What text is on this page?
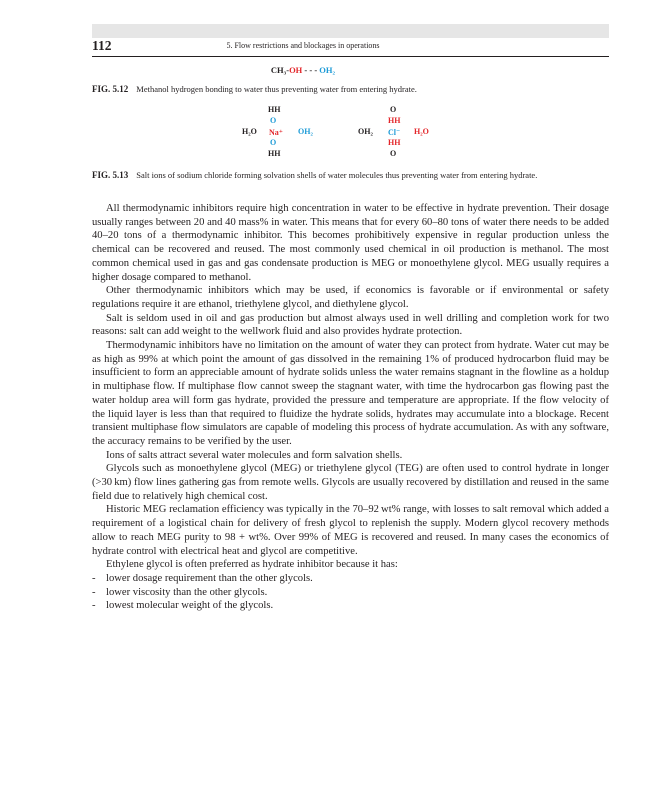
112	5. Flow restrictions and blockages in operations
CH₃-OH - - - OH₂
FIG. 5.12 Methanol hydrogen bonding to water thus preventing water from entering hydrate.
HH
O
H₂O Na⁺ OH₂
O
HH
O
HH
OH₂ Cl⁻ H₂O
HH
O
FIG. 5.13 Salt ions of sodium chloride forming solvation shells of water molecules thus preventing water from entering hydrate.

All thermodynamic inhibitors require high concentration in water to be effective in hydrate prevention. Their dosage usually ranges between 20 and 40 mass% in water. This means that for every 60–80 tons of water there needs to be added 40–20 tons of a thermodynamic inhibitor. This becomes prohibitively expensive in regular production unless the chemical can be recovered and reused. The most commonly used chemical in oil production is methanol. The most common chemical used in gas and gas condensate production is MEG or monoethylene glycol. MEG usually requires a higher dosage compared to methanol.

Other thermodynamic inhibitors which may be used, if economics is favorable or if environmental or safety regulations require it are ethanol, triethylene glycol, and diethylene glycol.

Salt is seldom used in oil and gas production but almost always used in well drilling and completion work for two reasons: salt can add weight to the wellwork fluid and also provides hydrate protection.

Thermodynamic inhibitors have no limitation on the amount of water they can protect from hydrate. Water cut may be as high as 99% at which point the amount of gas dissolved in the remaining 1% of produced hydrocarbon fluid may be insufficient to form an appreciable amount of hydrate solids unless the water remains stagnant in the flowline as a holdup in multiphase flow. If multiphase flow cannot sweep the stagnant water, with time the hydrocarbon gas flowing past the water holdup area will form gas hydrate, provided the pressure and temperature are appropriate. If the flow velocity of the liquid layer is less than that required to fluidize the hydrate solids, hydrates may accumulate into a blockage. Recent transient multiphase flow simulators are capable of modeling this process of hydrate accumulation. As with any software, the accuracy remains to be verified by the user.

Ions of salts attract several water molecules and form salvation shells.

Glycols such as monoethylene glycol (MEG) or triethylene glycol (TEG) are often used to control hydrate in longer (>30 km) flow lines gathering gas from remote wells. Glycols are usually recovered by distillation and reused in the same field due to relatively high chemical cost.

Historic MEG reclamation efficiency was typically in the 70–92 wt% range, with losses to salt removal which added a requirement of a logistical chain for delivery of fresh glycol to replenish the supply. Modern glycol recovery methods allow to reach MEG purity to 98 + wt%. Over 99% of MEG is recovered and reused. In many cases the economics of hydrate control with electrical heat and glycol are competitive.

Ethylene glycol is often preferred as hydrate inhibitor because it has:

- lower dosage requirement than the other glycols.
- lower viscosity than the other glycols.
- lowest molecular weight of the glycols.
